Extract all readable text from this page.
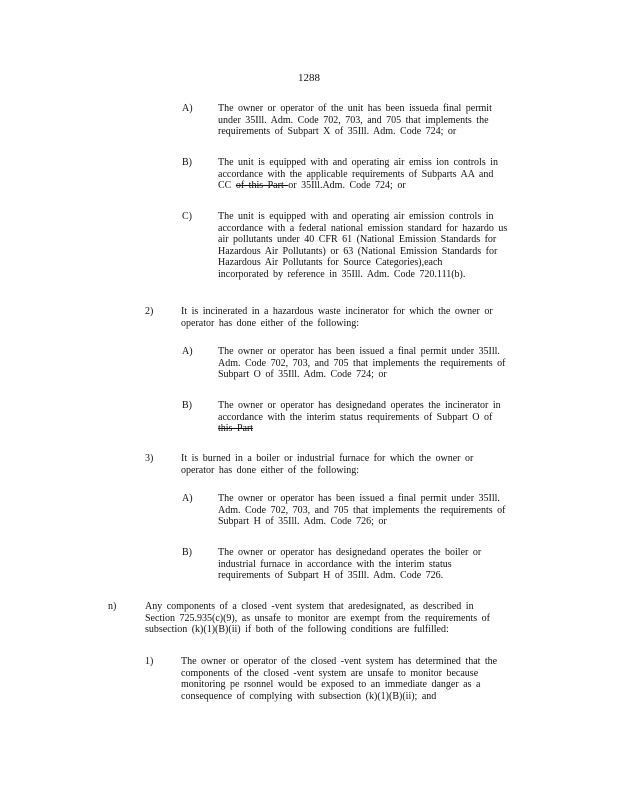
1288
A)	The owner or operator of the unit has been issueda final permit
under 35Ill. Adm. Code 702, 703, and 705 that implements the
requirements of Subpart X of 35Ill. Adm. Code 724; or
B)	The unit is equipped with and operating air emiss ion controls in
accordance with the applicable requirements of Subparts AA and
CC of this Part or 35Ill.Adm. Code 724; or
C)	The unit is equipped with and operating air emission controls in
accordance with a federal national emission standard for hazardo us
air pollutants under 40 CFR 61 (National Emission Standards for
Hazardous Air Pollutants) or 63 (National Emission Standards for
Hazardous Air Pollutants for Source Categories),each
incorporated by reference in 35Ill. Adm. Code 720.111(b).
2)	It is incinerated in a hazardous waste incinerator for which the owner or
operator has done either of the following:
A)	The owner or operator has been issued a final permit under 35Ill.
Adm. Code 702, 703, and 705 that implements the requirements of
Subpart O of 35Ill. Adm. Code 724; or
B)	The owner or operator has designedand operates the incinerator in
accordance with the interim status requirements of Subpart O of
this Part
3)	It is burned in a boiler or industrial furnace for which the owner or
operator has done either of the following:
A)	The owner or operator has been issued a final permit under 35Ill.
Adm. Code 702, 703, and 705 that implements the requirements of
Subpart H of 35Ill. Adm. Code 726; or
B)	The owner or operator has designedand operates the boiler or
industrial furnace in accordance with the interim status
requirements of Subpart H of 35Ill. Adm. Code 726.
n)	Any components of a closed -vent system that aredesignated, as described in
Section 725.935(c)(9), as unsafe to monitor are exempt from the requirements of
subsection (k)(1)(B)(ii) if both of the following conditions are fulfilled:
1)	The owner or operator of the closed -vent system has determined that the
components of the closed -vent system are unsafe to monitor because
monitoring pe rsonnel would be exposed to an immediate danger as a
consequence of complying with subsection (k)(1)(B)(ii); and
